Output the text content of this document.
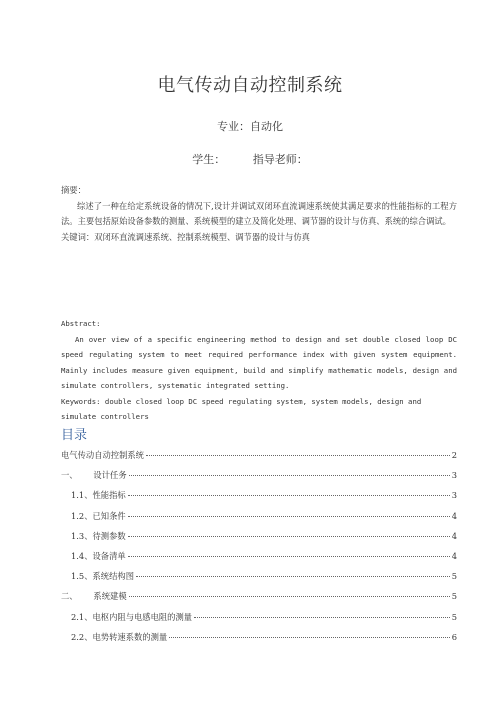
电气传动自动控制系统
专业：自动化
学生：	指导老师：
摘要：
综述了一种在给定系统设备的情况下,设计并调试双闭环直流调速系统使其满足要求的性能指标的工程方法。主要包括原始设备参数的测量、系统模型的建立及简化处理、调节器的设计与仿真、系统的综合调试。
关键词：双闭环直流调速系统、控制系统模型、调节器的设计与仿真
Abstract:
An over view of a specific engineering method to design and set double closed loop DC speed regulating system to meet required performance index with given system equipment. Mainly includes measure given equipment, build and simplify mathematic models, design and simulate controllers, systematic integrated setting.
Keywords: double closed loop DC speed regulating system, system models, design and simulate controllers
目录
电气传动自动控制系统	2
一、 设计任务	3
1.1、 性能指标	3
1.2、 已知条件	4
1.3、 待测参数	4
1.4、 设备清单	4
1.5、 系统结构图	5
二、 系统建模	5
2.1、 电枢内阻与电感电阻的测量	5
2.2、 电势转速系数的测量	6
